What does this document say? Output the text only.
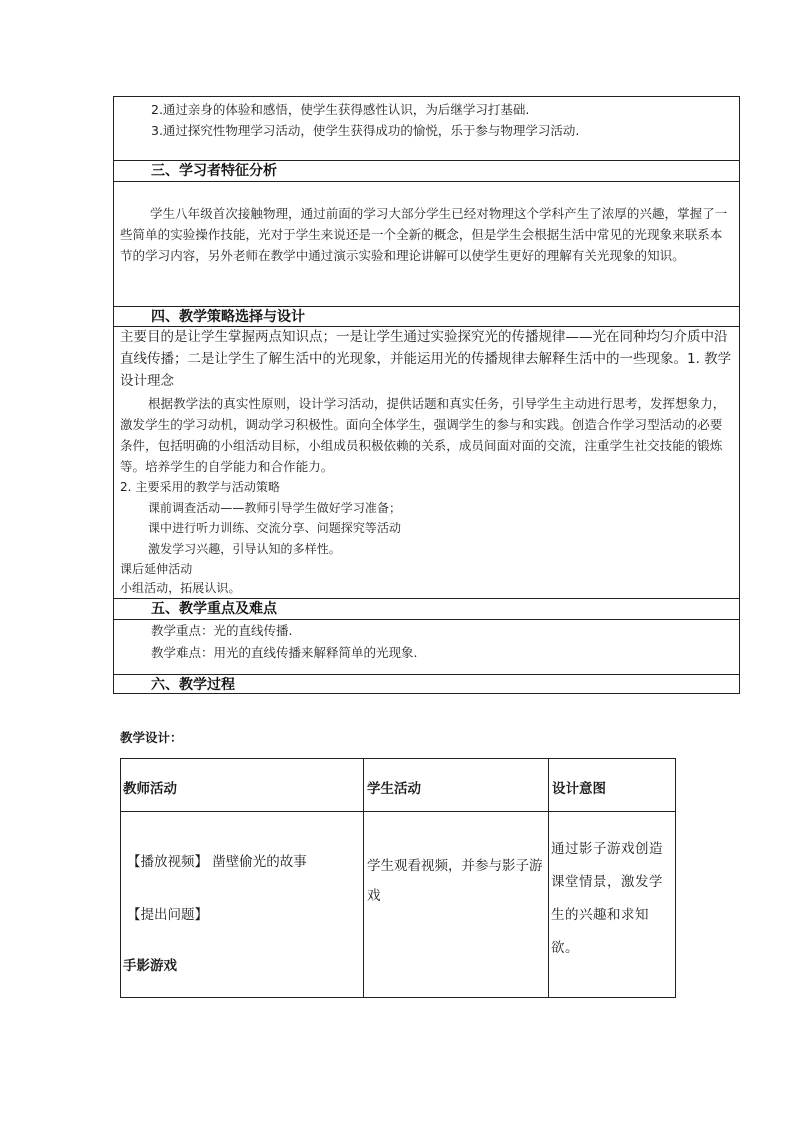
2.通过亲身的体验和感悟，使学生获得感性认识，为后继学习打基础.
3.通过探究性物理学习活动，使学生获得成功的愉悦，乐于参与物理学习活动.
三、学习者特征分析
学生八年级首次接触物理，通过前面的学习大部分学生已经对物理这个学科产生了浓厚的兴趣，掌握了一些简单的实验操作技能，光对于学生来说还是一个全新的概念，但是学生会根据生活中常见的光现象来联系本节的学习内容，另外老师在教学中通过演示实验和理论讲解可以使学生更好的理解有关光现象的知识。
四、教学策略选择与设计
主要目的是让学生掌握两点知识点；一是让学生通过实验探究光的传播规律——光在同种均匀介质中沿直线传播；二是让学生了解生活中的光现象，并能运用光的传播规律去解释生活中的一些现象。1. 教学设计理念
根据教学法的真实性原则，设计学习活动，提供话题和真实任务，引导学生主动进行思考，发挥想象力，激发学生的学习动机，调动学习积极性。面向全体学生，强调学生的参与和实践。创造合作学习型活动的必要条件，包括明确的小组活动目标，小组成员积极依赖的关系，成员间面对面的交流，注重学生社交技能的锻炼等。培养学生的自学能力和合作能力。
2. 主要采用的教学与活动策略
课前调查活动——教师引导学生做好学习准备；
课中进行听力训练、交流分享、问题探究等活动
激发学习兴趣，引导认知的多样性。
课后延伸活动
小组活动，拓展认识。
五、教学重点及难点
教学重点：光的直线传播.
教学难点：用光的直线传播来解释简单的光现象.
六、教学过程
教学设计：
教师活动	学生活动	设计意图
【播放视频】 凿壁偷光的故事
【提出问题】
手影游戏
学生观看视频，并参与影子游戏
通过影子游戏创造课堂情景，激发学生的兴趣和求知欲。
